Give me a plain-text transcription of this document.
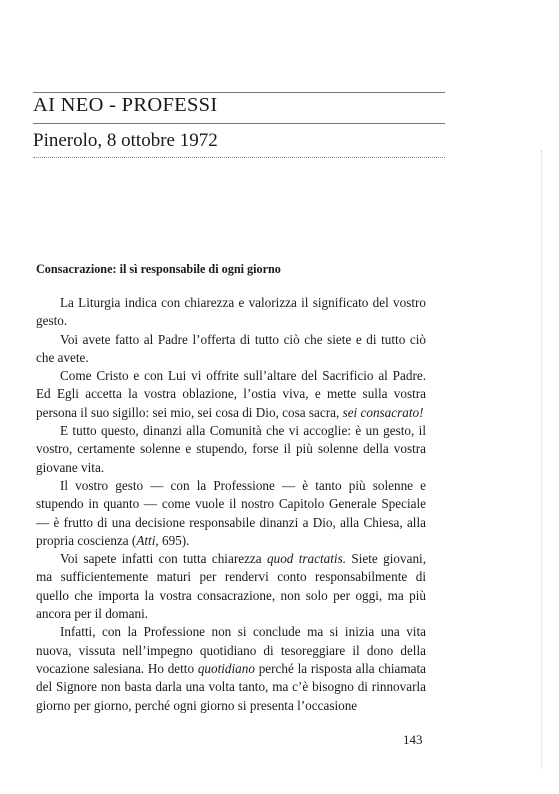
AI NEO - PROFESSI
Pinerolo, 8 ottobre 1972
Consacrazione: il sì responsabile di ogni giorno

La Liturgia indica con chiarezza e valorizza il significato del vostro gesto.

Voi avete fatto al Padre l’offerta di tutto ciò che siete e di tutto ciò che avete.

Come Cristo e con Lui vi offrite sull’altare del Sacrificio al Padre. Ed Egli accetta la vostra oblazione, l’ostia viva, e mette sulla vostra persona il suo sigillo: sei mio, sei cosa di Dio, cosa sacra, sei consacrato!

E tutto questo, dinanzi alla Comunità che vi accoglie: è un gesto, il vostro, certamente solenne e stupendo, forse il più solenne della vostra giovane vita.

Il vostro gesto — con la Professione — è tanto più solenne e stupendo in quanto — come vuole il nostro Capitolo Generale Speciale — è frutto di una decisione responsabile dinanzi a Dio, alla Chiesa, alla propria coscienza (Atti, 695).

Voi sapete infatti con tutta chiarezza quod tractatis. Siete giovani, ma sufficientemente maturi per rendervi conto responsabilmente di quello che importa la vostra consacrazione, non solo per oggi, ma più ancora per il domani.

Infatti, con la Professione non si conclude ma si inizia una vita nuova, vissuta nell’impegno quotidiano di tesoreggiare il dono della vocazione salesiana. Ho detto quotidiano perché la risposta alla chiamata del Signore non basta darla una volta tanto, ma c’è bisogno di rinnovarla giorno per giorno, perché ogni giorno si presenta l’occasione

143
